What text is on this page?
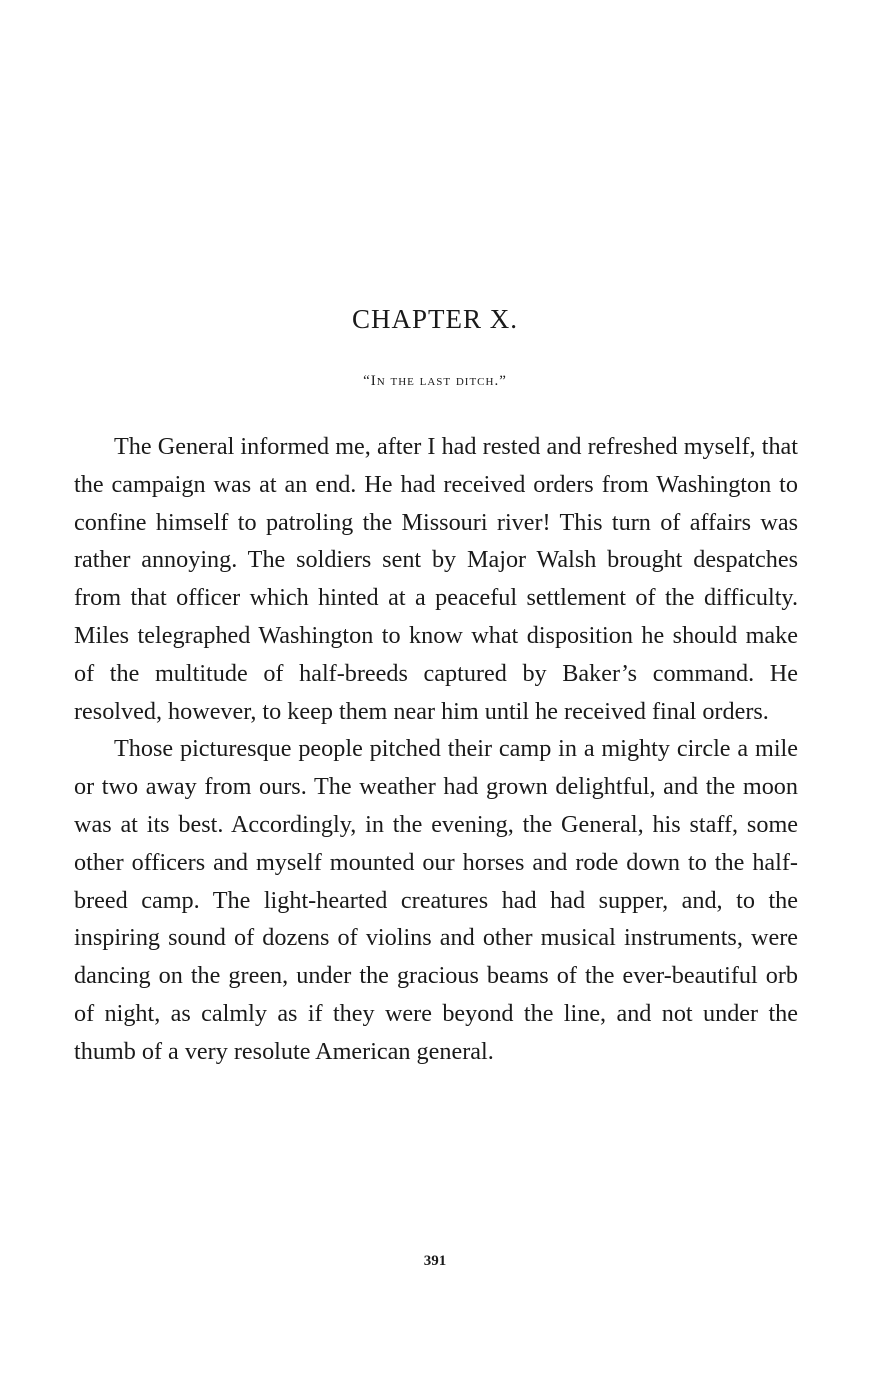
CHAPTER X.
“In the last ditch.”

The General informed me, after I had rested and refreshed myself, that the campaign was at an end. He had received orders from Washington to confine himself to patroling the Missouri river! This turn of affairs was rather annoying. The soldiers sent by Major Walsh brought despatches from that officer which hinted at a peaceful settlement of the difficulty. Miles telegraphed Washington to know what disposition he should make of the multitude of half-breeds captured by Baker’s command. He resolved, however, to keep them near him until he received final orders.

Those picturesque people pitched their camp in a mighty circle a mile or two away from ours. The weather had grown delightful, and the moon was at its best. Accordingly, in the evening, the General, his staff, some other officers and myself mounted our horses and rode down to the half-breed camp. The light-hearted creatures had had supper, and, to the inspiring sound of dozens of violins and other musical instruments, were dancing on the green, under the gracious beams of the ever-beautiful orb of night, as calmly as if they were beyond the line, and not under the thumb of a very resolute American general.

391
